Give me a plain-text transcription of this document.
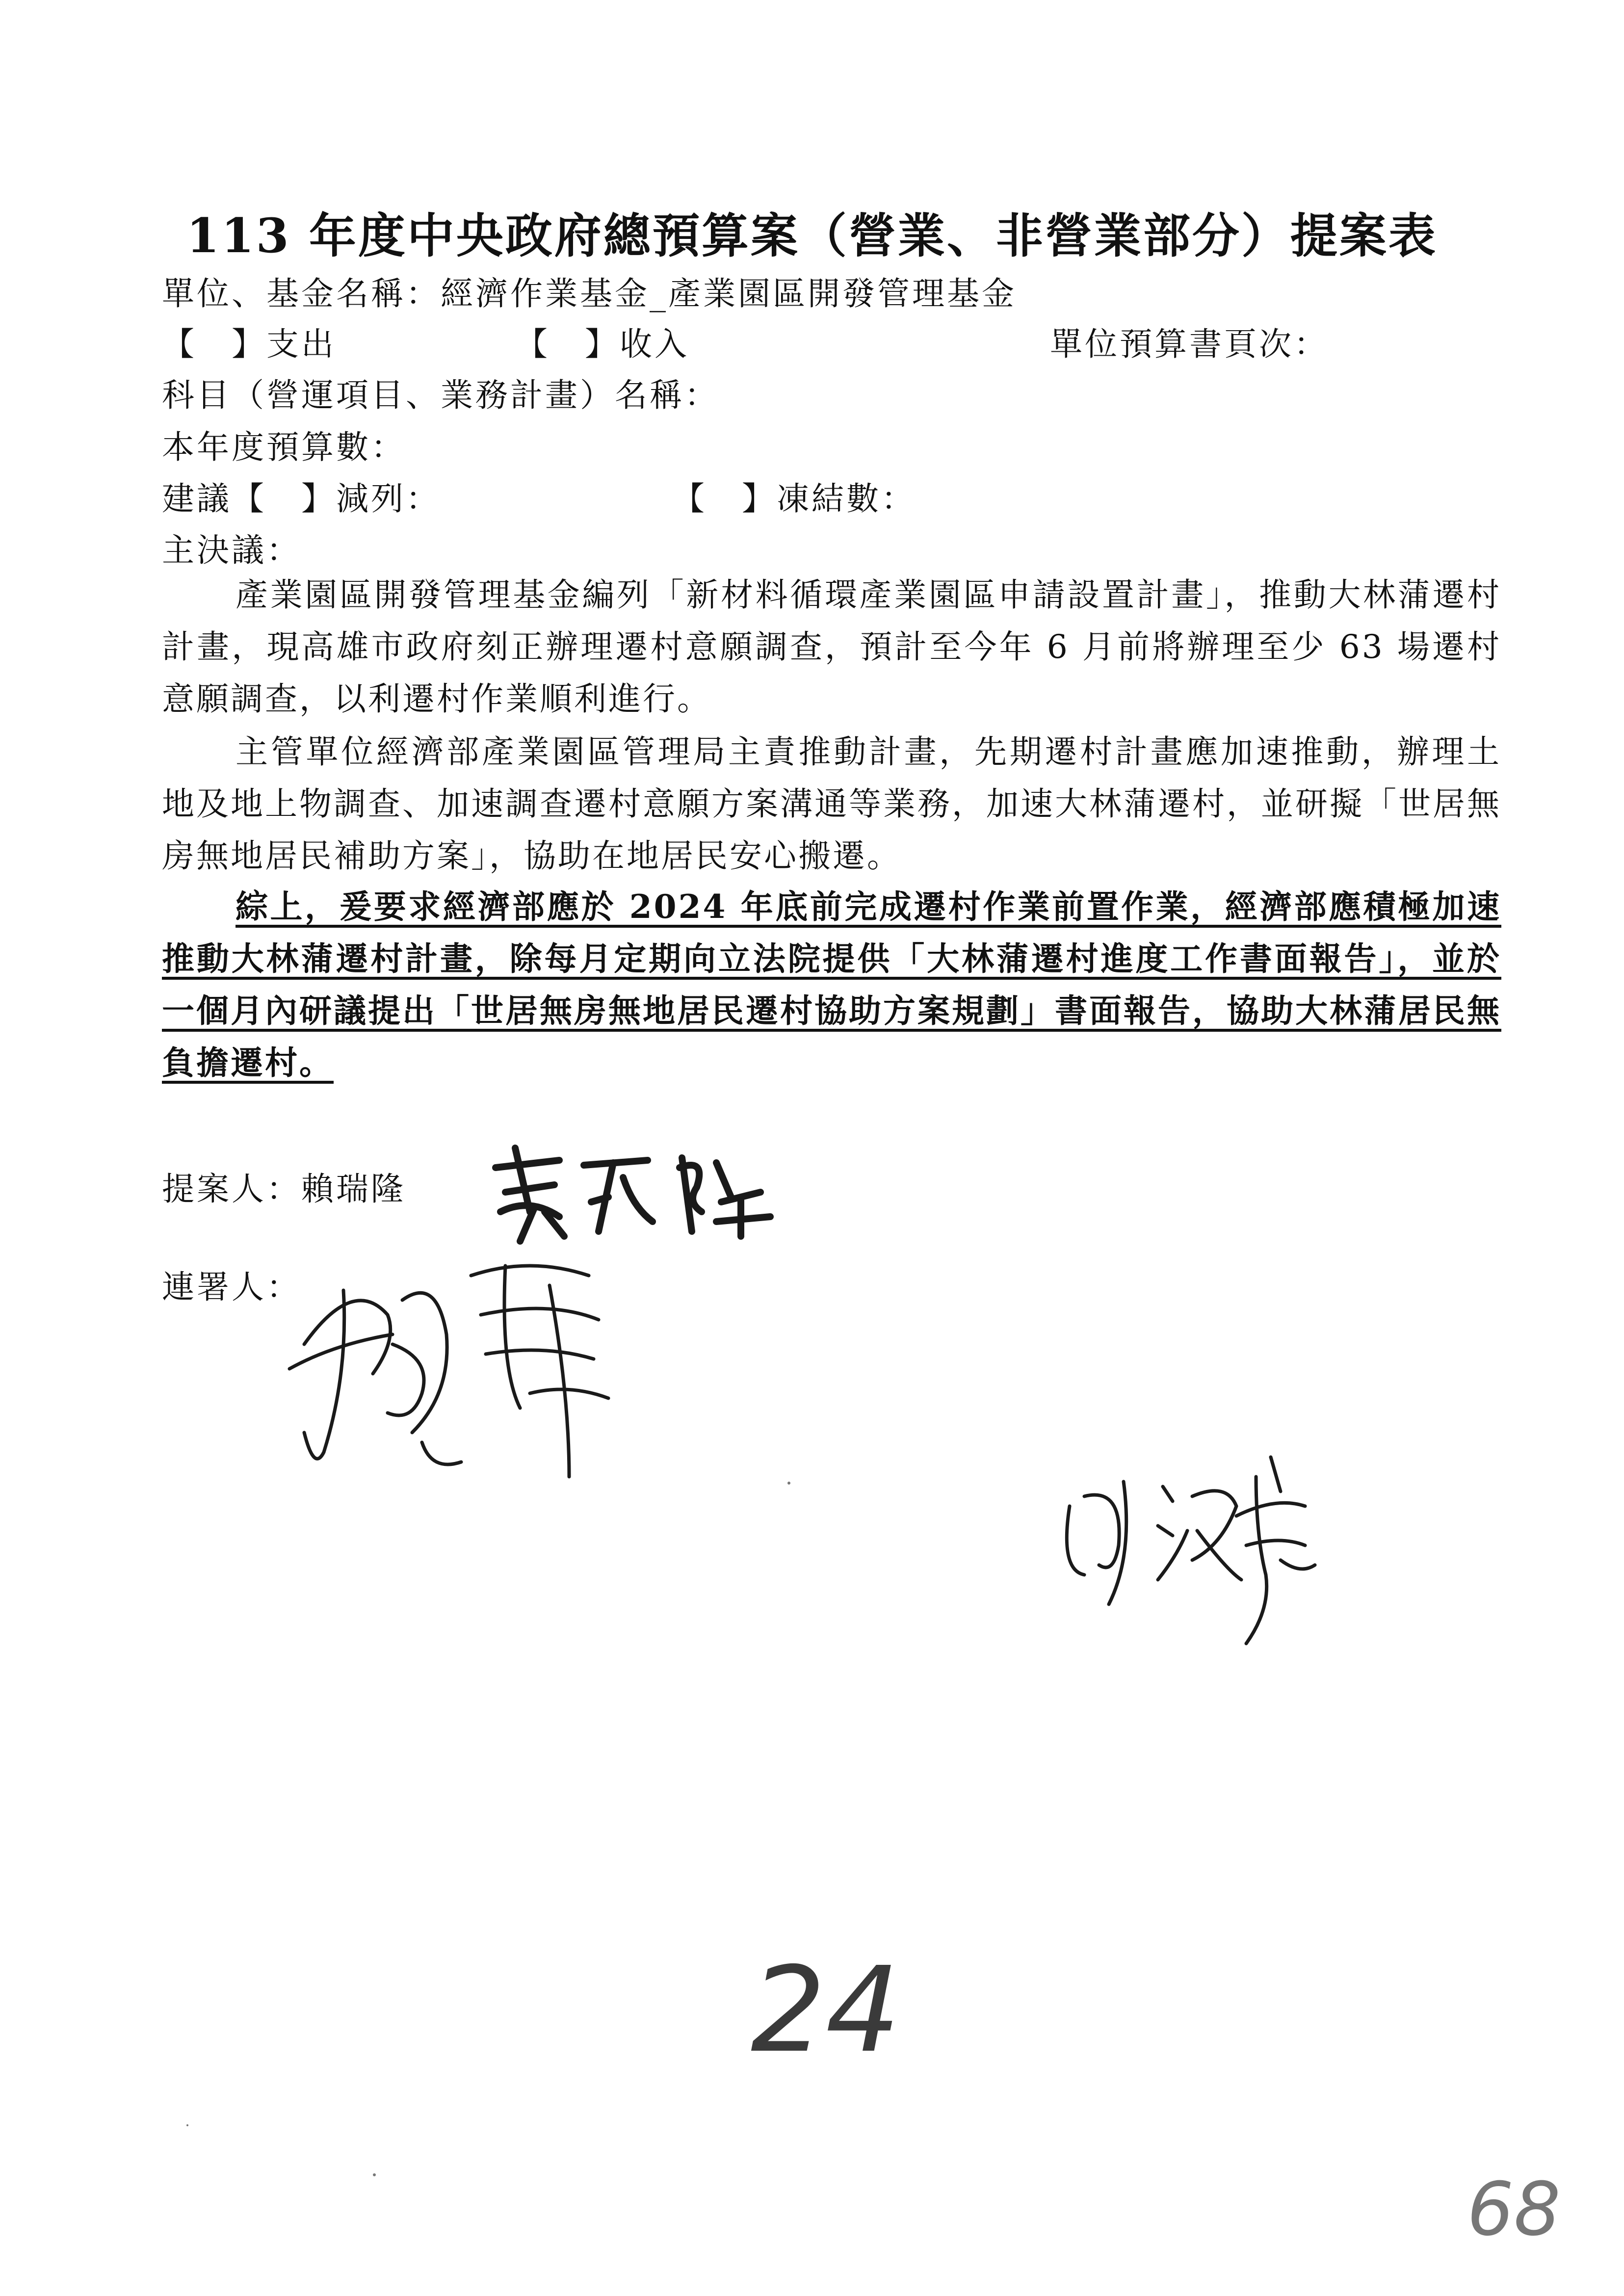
113 年度中央政府總預算案（營業、非營業部分）提案表
單位、基金名稱：經濟作業基金_產業園區開發管理基金
【　】支出	【　】收入	單位預算書頁次：
科目（營運項目、業務計畫）名稱：
本年度預算數：
建議【　】減列：	【　】凍結數：
主決議：

產業園區開發管理基金編列「新材料循環產業園區申請設置計畫」，推動大林蒲遷村計畫，現高雄市政府刻正辦理遷村意願調查，預計至今年 6 月前將辦理至少 63 場遷村意願調查，以利遷村作業順利進行。

主管單位經濟部產業園區管理局主責推動計畫，先期遷村計畫應加速推動，辦理土地及地上物調查、加速調查遷村意願方案溝通等業務，加速大林蒲遷村，並研擬「世居無房無地居民補助方案」，協助在地居民安心搬遷。

綜上，爰要求經濟部應於 2024 年底前完成遷村作業前置作業，經濟部應積極加速推動大林蒲遷村計畫，除每月定期向立法院提供「大林蒲遷村進度工作書面報告」，並於一個月內研議提出「世居無房無地居民遷村協助方案規劃」書面報告，協助大林蒲居民無負擔遷村。

提案人：賴瑞隆
連署人：
24
68
